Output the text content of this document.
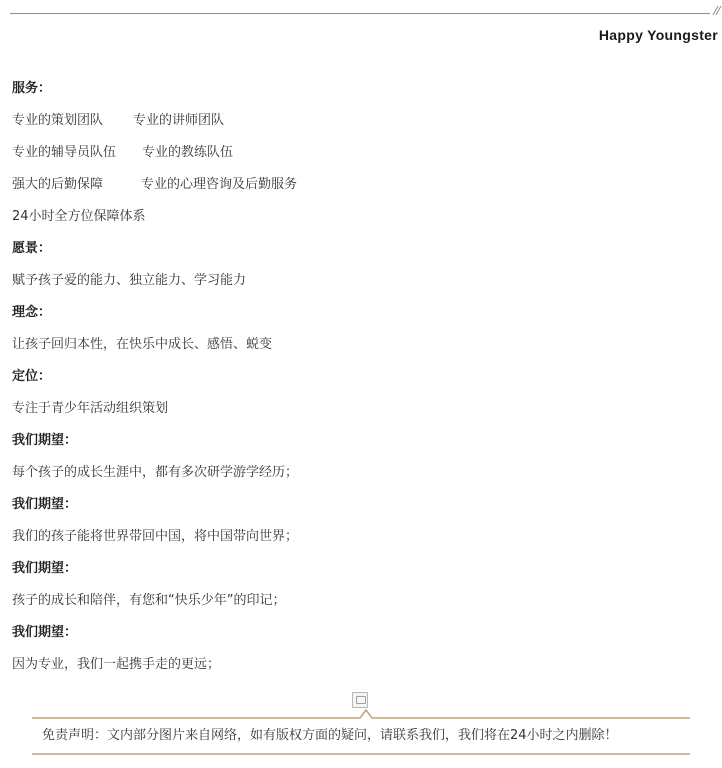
Happy Youngster
服务：
专业的策划团队 专业的讲师团队
专业的辅导员队伍 专业的教练队伍
强大的后勤保障	专业的心理咨询及后勤服务
24小时全方位保障体系
愿景：
赋予孩子爱的能力、独立能力、学习能力
理念：
让孩子回归本性，在快乐中成长、感悟、蜕变
定位：
专注于青少年活动组织策划
我们期望：
每个孩子的成长生涯中，都有多次研学游学经历；
我们期望：
我们的孩子能将世界带回中国，将中国带向世界；
我们期望：
孩子的成长和陪伴，有您和“快乐少年”的印记；
我们期望：
因为专业，我们一起携手走的更远；
免责声明：文内部分图片来自网络，如有版权方面的疑问，请联系我们，我们将在24小时之内删除！
